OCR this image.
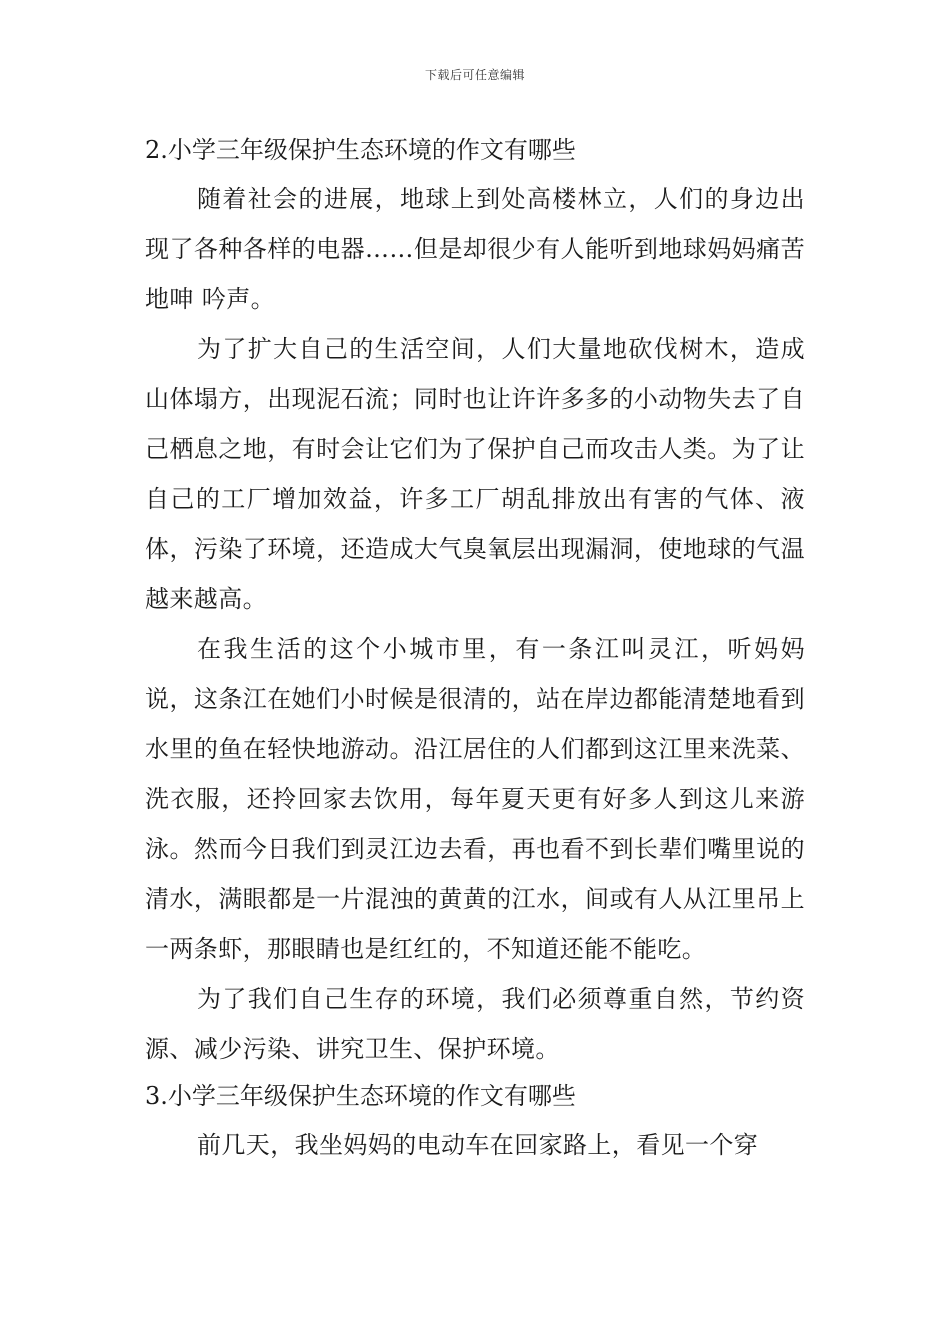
下载后可任意编辑
2.小学三年级保护生态环境的作文有哪些

随着社会的进展，地球上到处高楼林立，人们的身边出现了各种各样的电器……但是却很少有人能听到地球妈妈痛苦地呻 吟声。

为了扩大自己的生活空间，人们大量地砍伐树木，造成山体塌方，出现泥石流；同时也让许许多多的小动物失去了自己栖息之地，有时会让它们为了保护自己而攻击人类。为了让自己的工厂增加效益，许多工厂胡乱排放出有害的气体、液体，污染了环境，还造成大气臭氧层出现漏洞，使地球的气温越来越高。

在我生活的这个小城市里，有一条江叫灵江，听妈妈说，这条江在她们小时候是很清的，站在岸边都能清楚地看到水里的鱼在轻快地游动。沿江居住的人们都到这江里来洗菜、洗衣服，还拎回家去饮用，每年夏天更有好多人到这儿来游泳。然而今日我们到灵江边去看，再也看不到长辈们嘴里说的清水，满眼都是一片混浊的黄黄的江水，间或有人从江里吊上一两条虾，那眼睛也是红红的，不知道还能不能吃。

为了我们自己生存的环境，我们必须尊重自然，节约资源、减少污染、讲究卫生、保护环境。

3.小学三年级保护生态环境的作文有哪些

前几天，我坐妈妈的电动车在回家路上，看见一个穿
